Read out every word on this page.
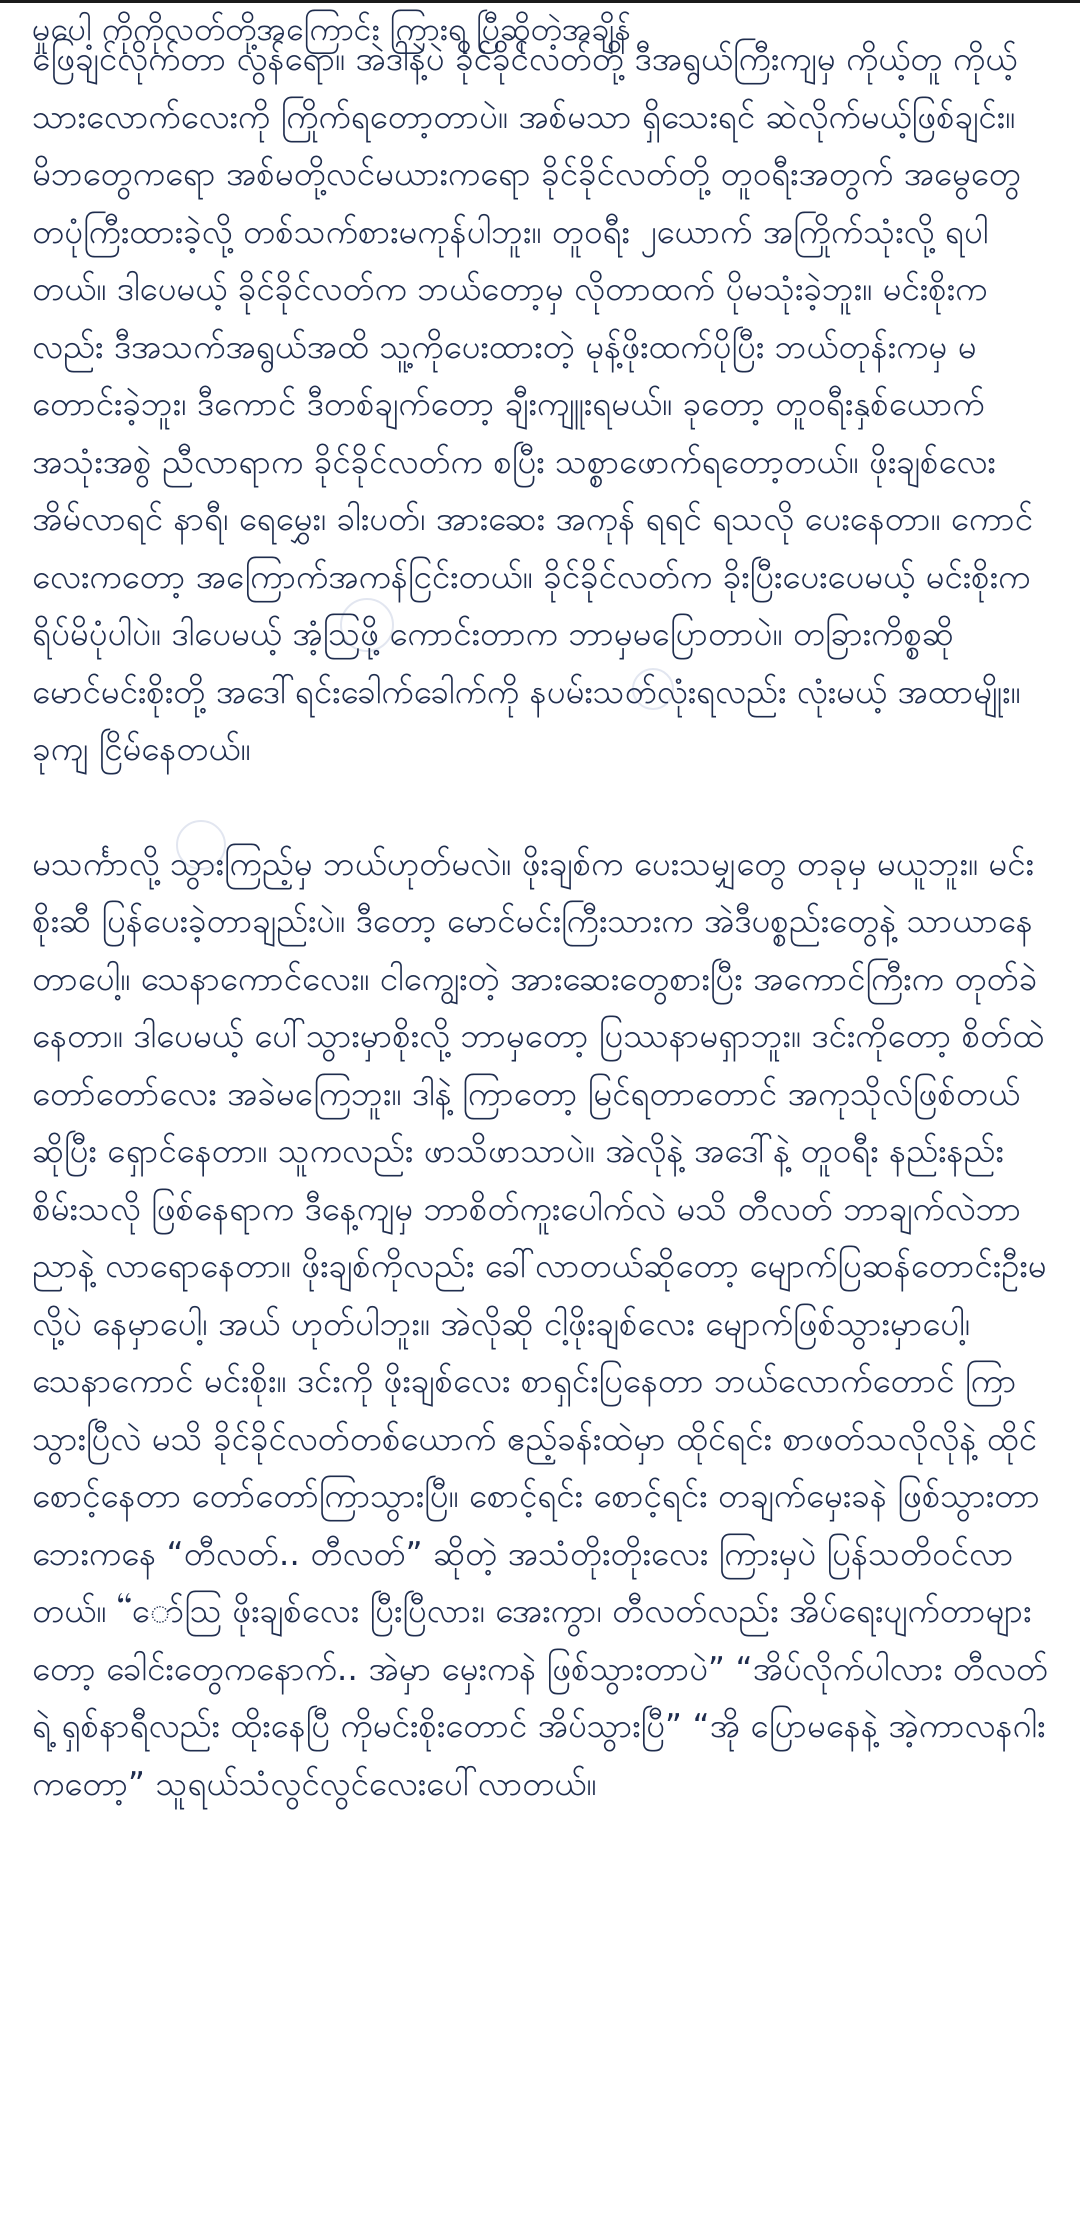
မှု​ပေါ့​ ကိုကိုလတ်တို့​အကြောင်း​ ​ကြားရ​ ​ပြီဆိုတဲ့အ​ချိန်​

ဖြေချင်လိုက်တာ လွန်ရော။ အဲဒါနဲ့ပဲ ခိုင်ခိုင်လတ်တို့ ဒီအရွယ်ကြီးကျမှ ကိုယ့်တူ ကိုယ့်သားလောက်လေးကို ကြိုက်ရတော့တာပဲ။ အစ်မသာ ရှိသေးရင် ဆဲလိုက်မယ့်ဖြစ်ချင်း။ မိဘတွေကရော အစ်မတို့လင်မယားကရော ခိုင်ခိုင်လတ်တို့ တူဝရီးအတွက် အမွေတွေ တပုံကြီးထားခဲ့လို့ တစ်သက်စားမကုန်ပါဘူး။ တူဝရီး ၂ယောက် အကြိုက်သုံးလို့ ရပါတယ်။ ဒါပေမယ့် ခိုင်ခိုင်လတ်က ဘယ်တော့မှ လိုတာထက် ပိုမသုံးခဲ့ဘူး။ မင်းစိုးကလည်း ဒီအသက်အရွယ်အထိ သူ့ကိုပေးထားတဲ့ မုန့်ဖိုးထက်ပိုပြီး ဘယ်တုန်းကမှ မတောင်းခဲ့ဘူး၊ ဒီကောင် ဒီတစ်ချက်တော့ ချီးကျူးရမယ်။ ခုတော့ တူဝရီးနှစ်ယောက်အသုံးအစွဲ ညီလာရာက ခိုင်ခိုင်လတ်က စပြီး သစ္စာဖောက်ရတော့တယ်။ ဖိုးချစ်လေး အိမ်လာရင် နာရီ၊ ရေမွှေး၊ ခါးပတ်၊ အားဆေး အကုန် ရရင် ရသလို ပေးနေတာ။ ကောင်လေးကတော့ အကြောက်အကန်ငြင်းတယ်။ ခိုင်ခိုင်လတ်က ခိုးပြီးပေးပေမယ့် မင်းစိုးက ရိပ်မိပုံပါပဲ။ ဒါပေမယ့် အံ့သြဖို့ ကောင်းတာက ဘာမှမပြောတာပဲ။ တခြားကိစ္စဆို မောင်မင်းစိုးတို့ အဒေါ်ရင်းခေါက်ခေါက်ကို နပမ်းသတ်လုံးရလည်း လုံးမယ့် အထာမျိုး။ ခုကျ ငြိမ်နေတယ်။

မသင်္ကာလို့ သွားကြည့်မှ ဘယ်ဟုတ်မလဲ။ ဖိုးချစ်က ပေးသမျှတွေ တခုမှ မယူဘူး။ မင်းစိုးဆီ ပြန်ပေးခဲ့တာချည်းပဲ။ ဒီတော့ မောင်မင်းကြီးသားက အဲဒီပစ္စည်းတွေနဲ့ သာယာနေတာပေါ့။ သေနာကောင်လေး။ ငါကျွေးတဲ့ အားဆေးတွေစားပြီး အကောင်ကြီးက တုတ်ခဲနေတာ။ ဒါပေမယ့် ပေါ်သွားမှာစိုးလို့ ဘာမှတော့ ပြဿနာမရှာဘူး။ ဒင်းကိုတော့ စိတ်ထဲ တော်တော်လေး အခဲမကြေဘူး။ ဒါနဲ့ ကြာတော့ မြင်ရတာတောင် အကုသိုလ်ဖြစ်တယ်ဆိုပြီး ရှောင်နေတာ။ သူကလည်း ဖာသိဖာသာပဲ။ အဲလိုနဲ့ အဒေါ်နဲ့ တူဝရီး နည်းနည်းစိမ်းသလို ဖြစ်နေရာက ဒီနေ့ကျမှ ဘာစိတ်ကူးပေါက်လဲ မသိ တီလတ် ဘာချက်လဲဘာညာနဲ့ လာရောနေတာ။ ဖိုးချစ်ကိုလည်း ခေါ်လာတယ်ဆိုတော့ မျောက်ပြဆန်တောင်းဦးမလို့ပဲ နေမှာပေါ့၊ အယ် ဟုတ်ပါဘူး။ အဲလိုဆို ငါ့ဖိုးချစ်လေး မျောက်ဖြစ်သွားမှာပေါ့၊ သေနာကောင် မင်းစိုး။ ဒင်းကို ဖိုးချစ်လေး စာရှင်းပြနေတာ ဘယ်လောက်တောင် ကြာသွားပြီလဲ မသိ ခိုင်ခိုင်လတ်တစ်ယောက် ဧည့်ခန်းထဲမှာ ထိုင်ရင်း စာဖတ်သလိုလိုနဲ့ ထိုင်စောင့်နေတာ တော်တော်ကြာသွားပြီ။ စောင့်ရင်း စောင့်ရင်း တချက်မှေးခနဲ ဖြစ်သွားတာ ဘေးကနေ “တီလတ်.. တီလတ်” ဆိုတဲ့ အသံတိုးတိုးလေး ကြားမှပဲ ပြန်သတိဝင်လာတယ်။ “ော်ဩ ဖိုးချစ်လေး ပြီးပြီလား၊ အေးကွာ၊ တီလတ်လည်း အိပ်ရေးပျက်တာများတော့ ခေါင်းတွေကနောက်.. အဲမှာ မှေးကနဲ ဖြစ်သွားတာပဲ” “အိပ်လိုက်ပါလား တီလတ်ရဲ့ ရှစ်နာရီလည်း ထိုးနေပြီ ကိုမင်းစိုးတောင် အိပ်သွားပြီ” “အို ပြောမနေနဲ့ အဲ့ကာလနဂါးကတော့” သူရယ်သံလွင်လွင်လေးပေါ်လာတယ်။
